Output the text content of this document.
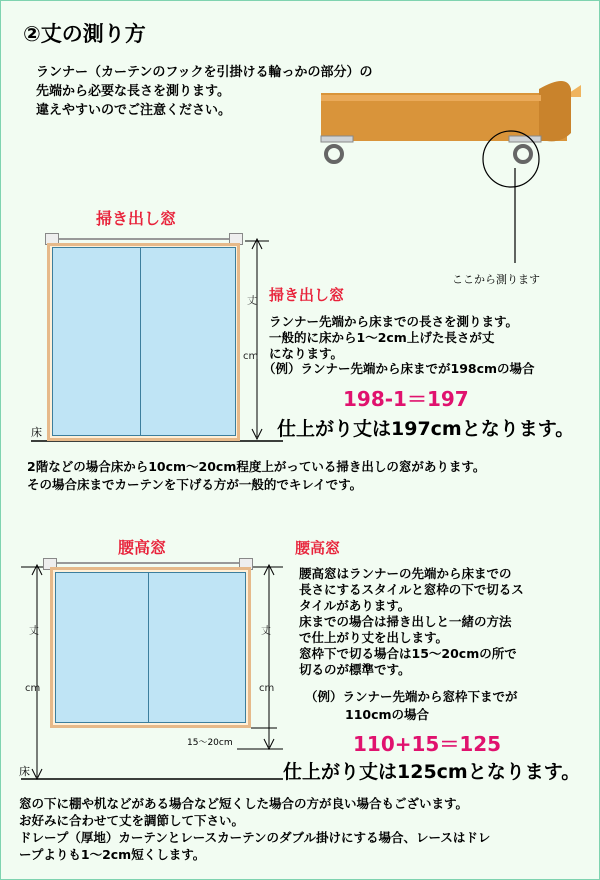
②丈の測り方
ランナー（カーテンのフックを引掛ける輪っかの部分）の
先端から必要な長さを測ります。
違えやすいのでご注意ください。
ここから測ります
掃き出し窓
丈
cm
床
掃き出し窓
ランナー先端から床までの長さを測ります。
一般的に床から1～2cm上げた長さが丈
になります。
（例）ランナー先端から床までが198cmの場合
198-1＝197
仕上がり丈は197cmとなります。
2階などの場合床から10cm～20cm程度上がっている掃き出しの窓があります。
その場合床までカーテンを下げる方が一般的でキレイです。
腰高窓
丈
cm
丈
cm
15～20cm
床
腰高窓
腰高窓はランナーの先端から床までの
長さにするスタイルと窓枠の下で切るス
タイルがあります。
床までの場合は掃き出しと一緒の方法
で仕上がり丈を出します。
窓枠下で切る場合は15～20cmの所で
切るのが標準です。
（例）ランナー先端から窓枠下までが
110cmの場合
110+15＝125
仕上がり丈は125cmとなります。
窓の下に棚や机などがある場合など短くした場合の方が良い場合もございます。
お好みに合わせて丈を調節して下さい。
ドレープ（厚地）カーテンとレースカーテンのダブル掛けにする場合、レースはドレ
ープよりも1～2cm短くします。
